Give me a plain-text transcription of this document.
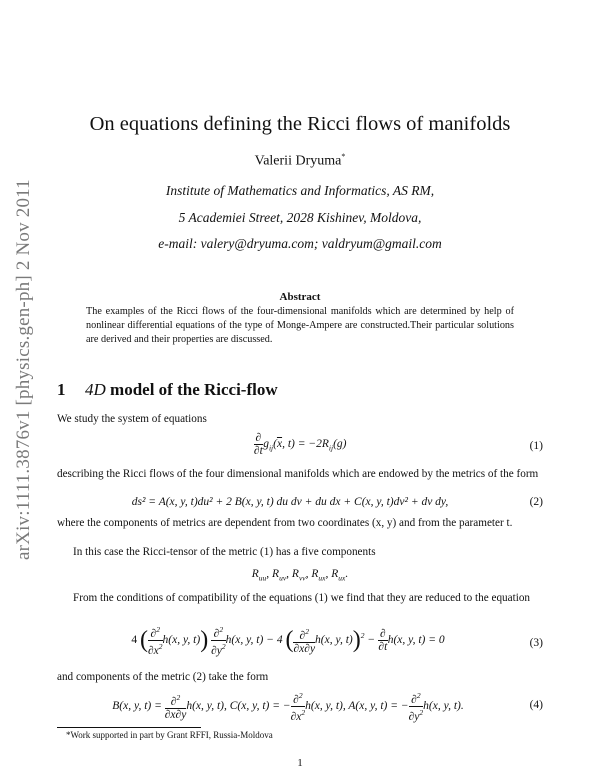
arXiv:1111.3876v1 [physics.gen-ph] 2 Nov 2011
On equations defining the Ricci flows of manifolds
Valerii Dryuma*
Institute of Mathematics and Informatics, AS RM,
5 Academiei Street, 2028 Kishinev, Moldova,
e-mail: valery@dryuma.com; valdryum@gmail.com
Abstract
The examples of the Ricci flows of the four-dimensional manifolds which are determined by help of nonlinear differential equations of the type of Monge-Ampere are constructed.Their particular solutions are derived and their properties are discussed.
1 4D model of the Ricci-flow
We study the system of equations
$\frac{\partial}{\partial t} g_{ij}(\overline{x}$, $t) = -2R_{ij}(g)$	(1)
describing the Ricci flows of the four dimensional manifolds which are endowed by the metrics of the form
ds² = A(x, y, t)du² + 2 B(x, y, t) du dv + du dx + C(x, y, t)dv² + dv dy,	(2)
where the components of metrics are dependent from two coordinates (x, y) and from the parameter t.
In this case the Ricci-tensor of the metric (1) has a five components
$R_{uu}$, $R_{uv}$, $R_{vv}$, $R_{ux}$, $R_{ux}$.
From the conditions of compatibility of the equations (1) we find that they are reduced to the equation
4 ( $\frac{\partial^2}{\partial x^2} h(x$, y, $t)) \frac{\partial^2}{\partial y^2} h(x$, y, t) − 4 ( $\frac{\partial^2}{\partial x\partial y} h(x$, y, $t))^2 - \frac{\partial}{\partial t} h(x$, y, t) = 0	(3)
and components of the metric (2) take the form
B(x, y, $t) = \frac{\partial^2}{\partial x\partial y} h(x$, y, t), C(x, y, t) = − $\frac{\partial^2}{\partial x^2} h(x$, y, t), A(x, y, t) = − $\frac{\partial^2}{\partial y^2} h(x$, y, t).	(4)
*Work supported in part by Grant RFFI, Russia-Moldova
1
